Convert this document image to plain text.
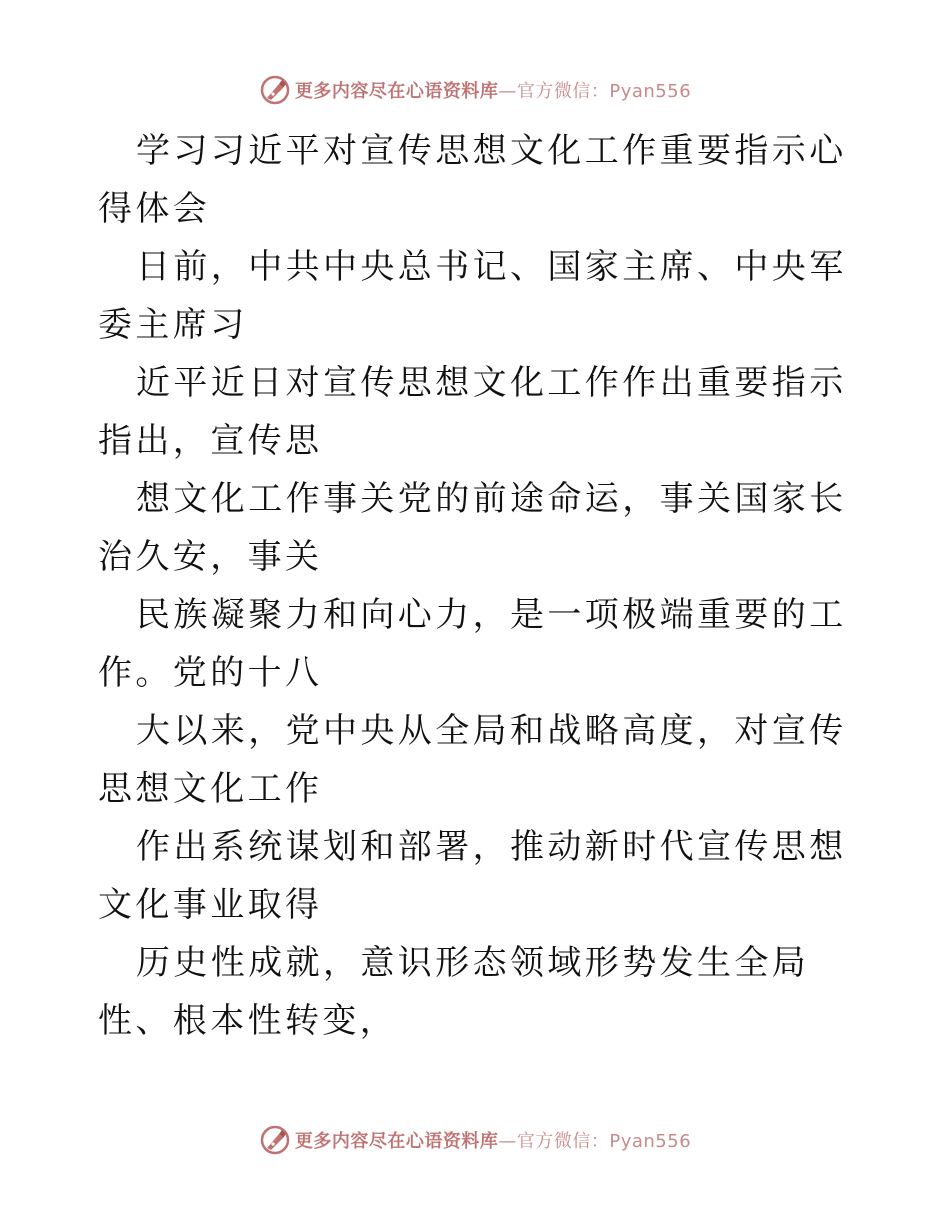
更多内容尽在心语资料库—官方微信：Pyan556

学习习近平对宣传思想文化工作重要指示心得体会

日前，中共中央总书记、国家主席、中央军委主席习

近平近日对宣传思想文化工作作出重要指示指出，宣传思

想文化工作事关党的前途命运，事关国家长治久安，事关

民族凝聚力和向心力，是一项极端重要的工作。党的十八

大以来，党中央从全局和战略高度，对宣传思想文化工作

作出系统谋划和部署，推动新时代宣传思想文化事业取得

历史性成就，意识形态领域形势发生全局性、根本性转变，

更多内容尽在心语资料库—官方微信：Pyan556
